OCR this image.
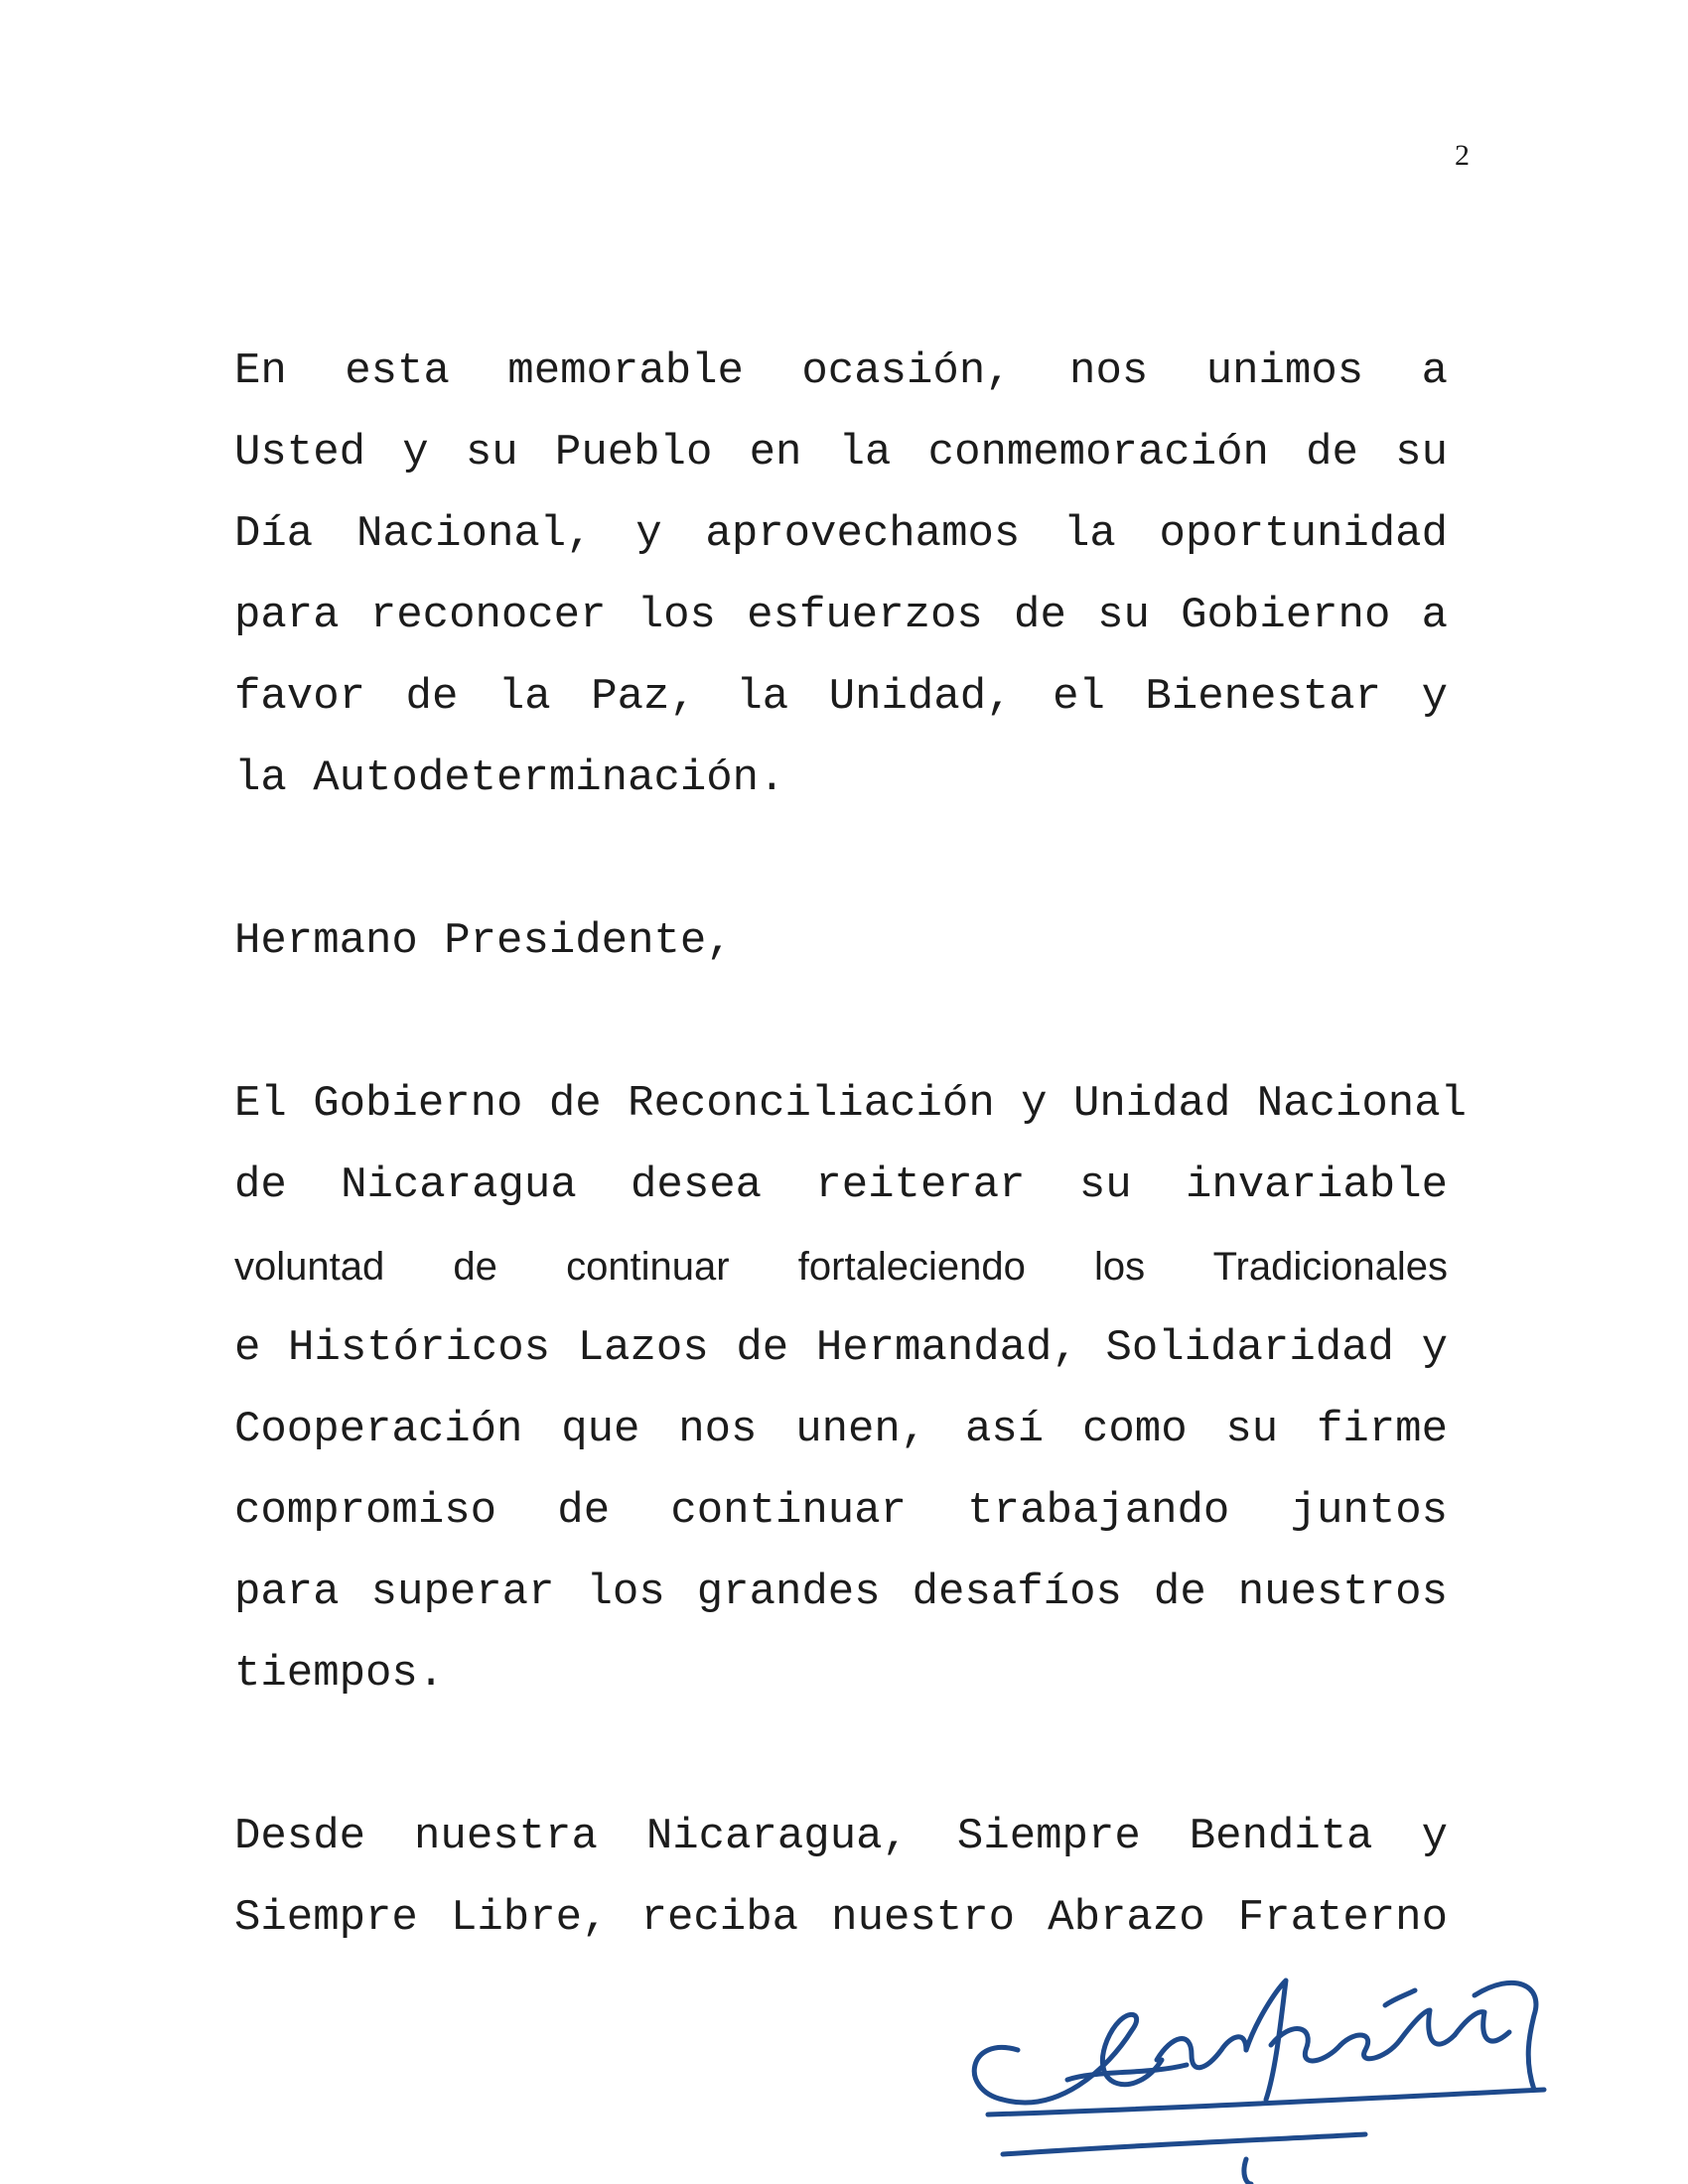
2

En esta memorable ocasión, nos unimos a
Usted y su Pueblo en la conmemoración de su
Día Nacional, y aprovechamos la oportunidad
para reconocer los esfuerzos de su Gobierno a
favor de la Paz, la Unidad, el Bienestar y
la Autodeterminación.

Hermano Presidente,

El Gobierno de Reconciliación y Unidad Nacional
de Nicaragua desea reiterar su invariable
voluntad de continuar fortaleciendo los Tradicionales
e Históricos Lazos de Hermandad, Solidaridad y
Cooperación que nos unen, así como su firme
compromiso de continuar trabajando juntos
para superar los grandes desafíos de nuestros
tiempos.

Desde nuestra Nicaragua, Siempre Bendita y
Siempre Libre, reciba nuestro Abrazo Fraterno
